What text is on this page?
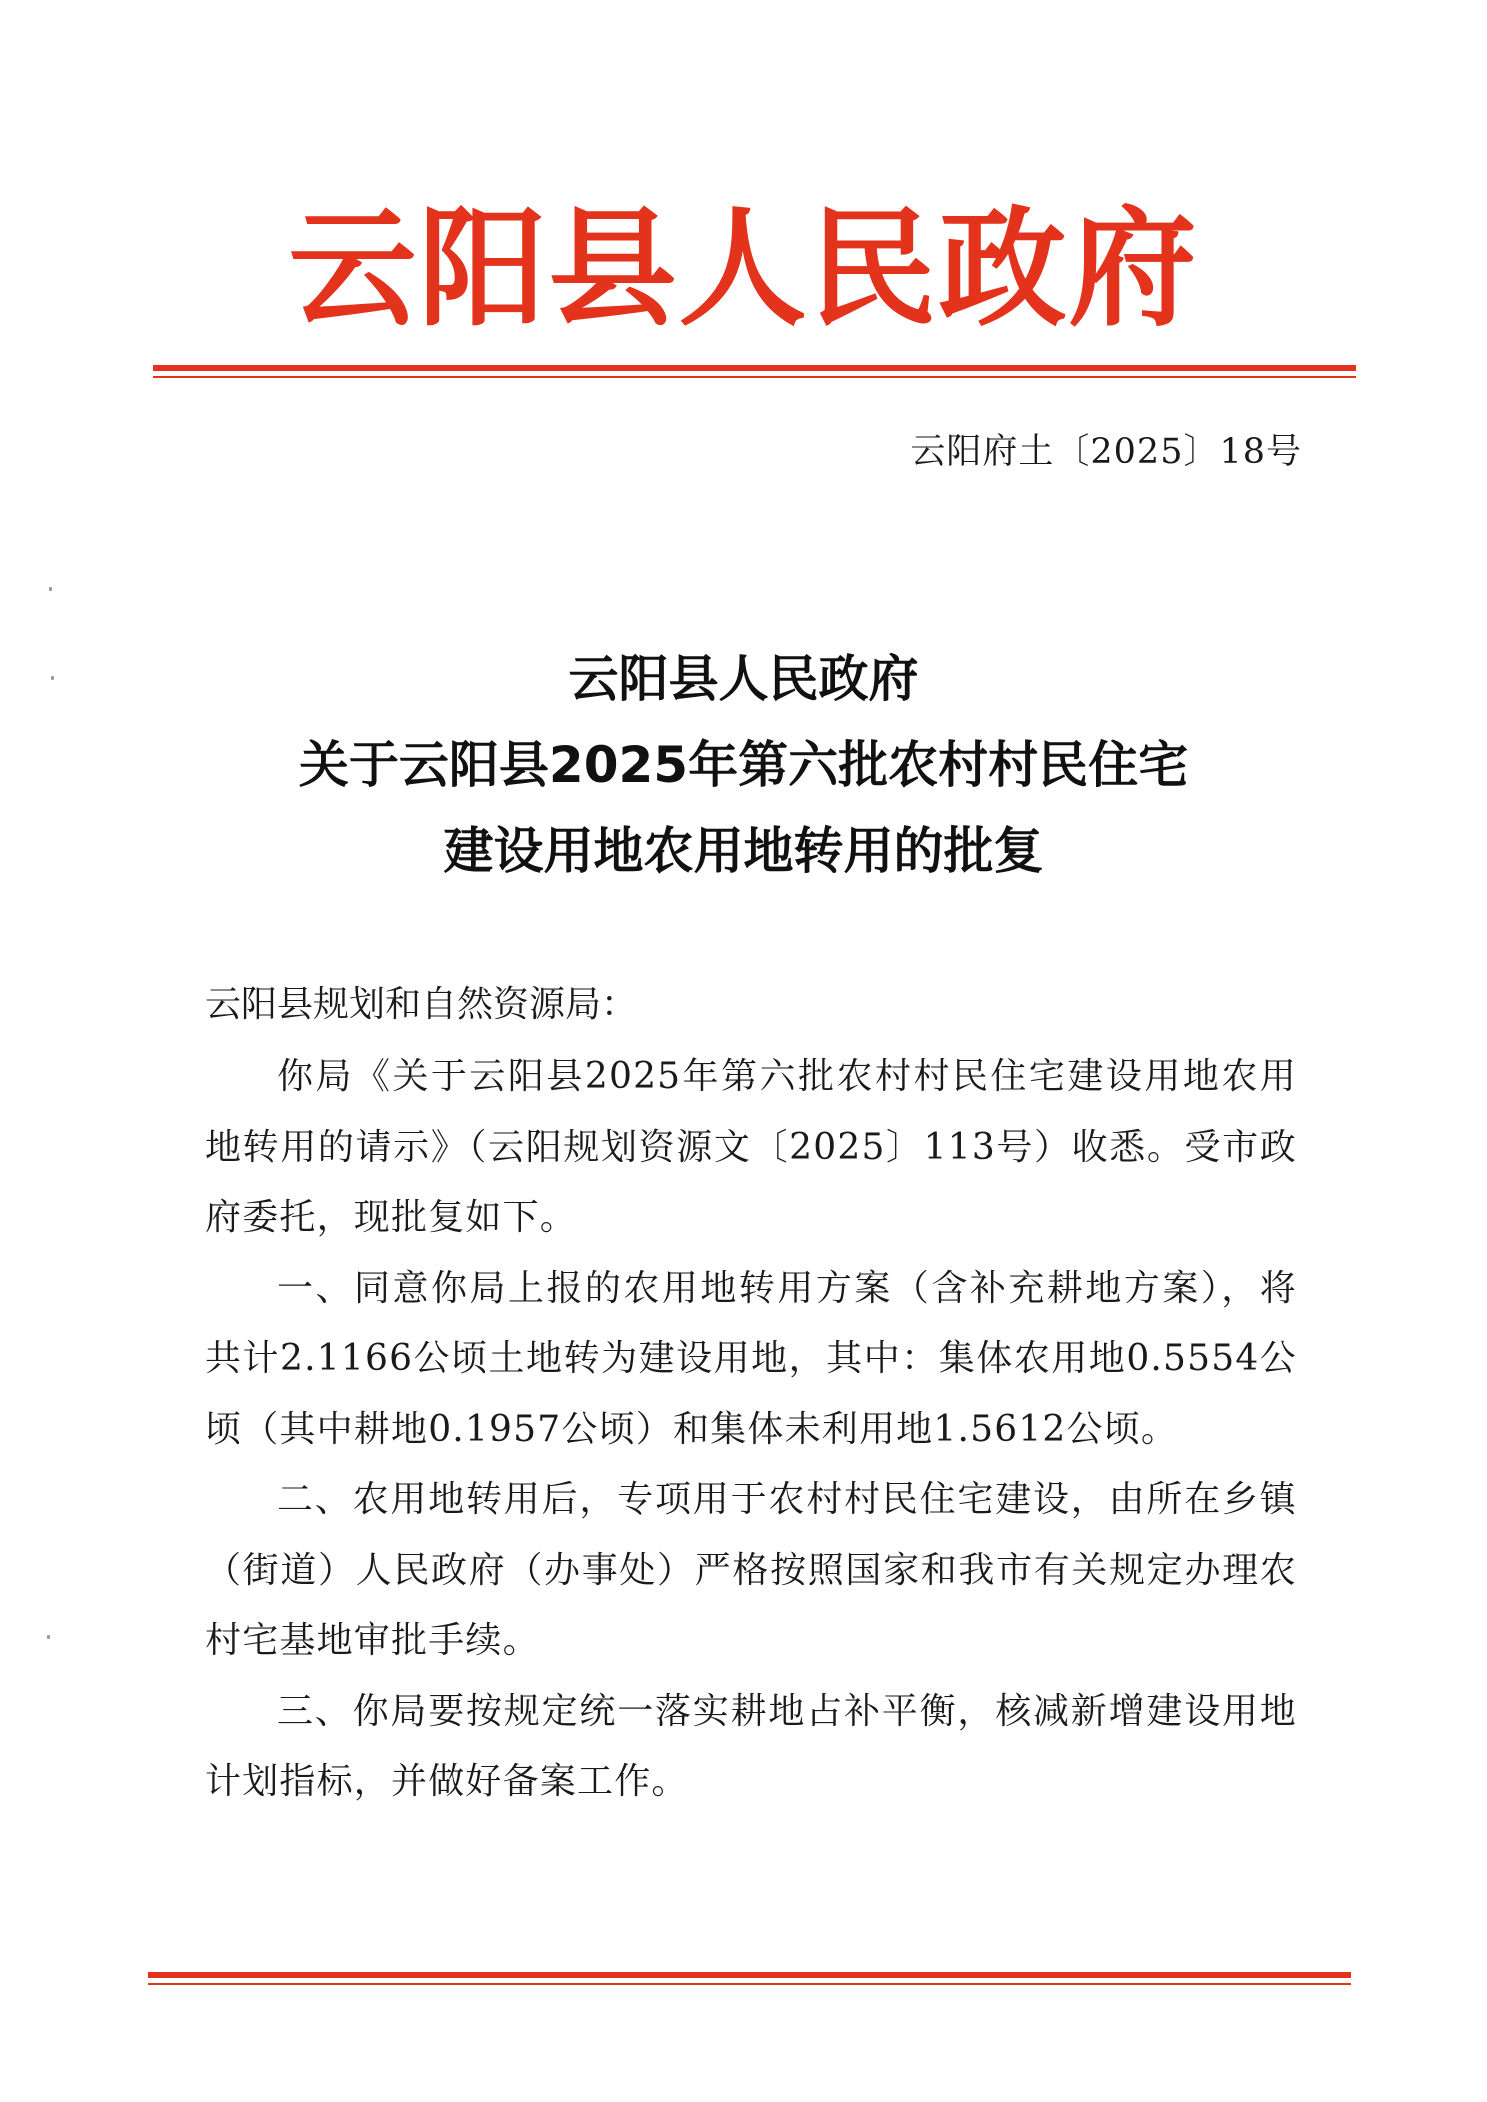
云阳县人民政府
云阳府土〔2025〕18号
云阳县人民政府
关于云阳县2025年第六批农村村民住宅
建设用地农用地转用的批复
云阳县规划和自然资源局：

你局《关于云阳县2025年第六批农村村民住宅建设用地农用地转用的请示》（云阳规划资源文〔2025〕113号）收悉。受市政府委托，现批复如下。

一、同意你局上报的农用地转用方案（含补充耕地方案），将共计2.1166公顷土地转为建设用地，其中：集体农用地0.5554公顷（其中耕地0.1957公顷）和集体未利用地1.5612公顷。

二、农用地转用后，专项用于农村村民住宅建设，由所在乡镇（街道）人民政府（办事处）严格按照国家和我市有关规定办理农村宅基地审批手续。

三、你局要按规定统一落实耕地占补平衡，核减新增建设用地计划指标，并做好备案工作。
